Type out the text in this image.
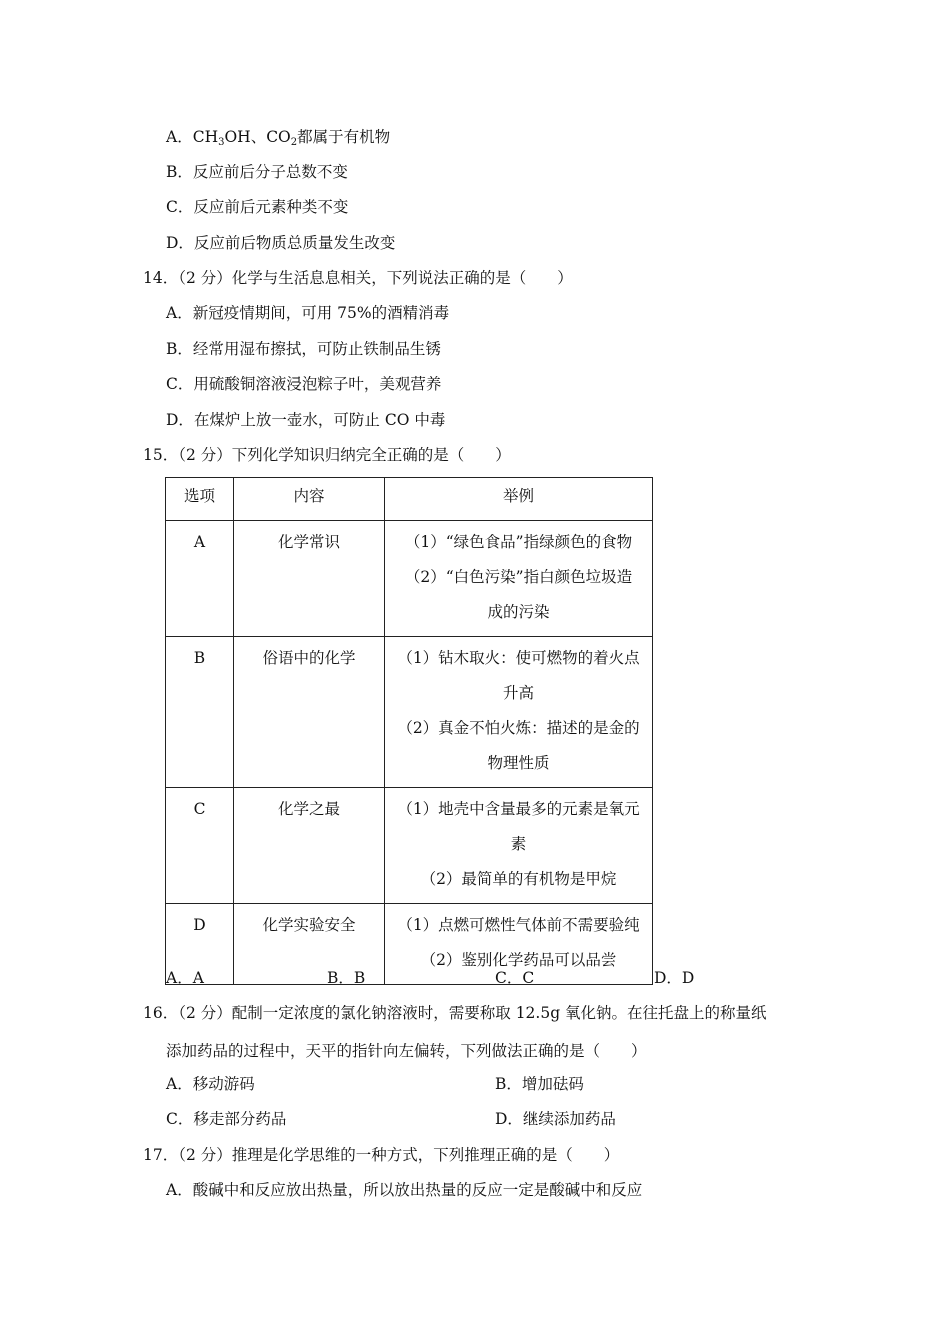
A．$CH_3OH$、$CO_2$都属于有机物
B．反应前后分子总数不变
C．反应前后元素种类不变
D．反应前后物质总质量发生改变
14．（2 分）化学与生活息息相关，下列说法正确的是（　　）
A．新冠疫情期间，可用 75%的酒精消毒
B．经常用湿布擦拭，可防止铁制品生锈
C．用硫酸铜溶液浸泡粽子叶，美观营养
D．在煤炉上放一壶水，可防止 CO 中毒
15．（2 分）下列化学知识归纳完全正确的是（　　）
选项	内容	举例
A	化学常识	（1）“绿色食品”指绿颜色的食物
（2）“白色污染”指白颜色垃圾造
成的污染

B	俗语中的化学	（1）钻木取火：使可燃物的着火点
升高
（2）真金不怕火炼：描述的是金的
物理性质

C	化学之最	（1）地壳中含量最多的元素是氧元
素
（2）最简单的有机物是甲烷

D	化学实验安全	（1）点燃可燃性气体前不需要验纯
（2）鉴别化学药品可以品尝
A．A	B．B	C．C	D．D
16．（2 分）配制一定浓度的氯化钠溶液时，需要称取 12.5g 氧化钠。在往托盘上的称量纸
添加药品的过程中，天平的指针向左偏转，下列做法正确的是（　　）
A．移动游码	B．增加砝码
C．移走部分药品	D．继续添加药品
17．（2 分）推理是化学思维的一种方式，下列推理正确的是（　　）
A．酸碱中和反应放出热量，所以放出热量的反应一定是酸碱中和反应
